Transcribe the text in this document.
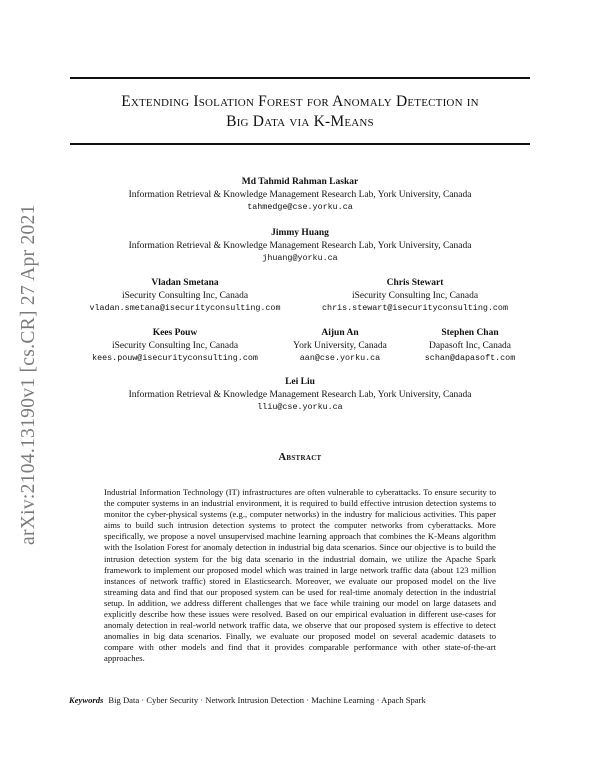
arXiv:2104.13190v1 [cs.CR] 27 Apr 2021
Extending Isolation Forest for Anomaly Detection in
Big Data via K-Means
Md Tahmid Rahman Laskar
Information Retrieval & Knowledge Management Research Lab, York University, Canada
tahmedge@cse.yorku.ca
Jimmy Huang
Information Retrieval & Knowledge Management Research Lab, York University, Canada
jhuang@yorku.ca
Vladan Smetana
iSecurity Consulting Inc, Canada
vladan.smetana@isecurityconsulting.com
Chris Stewart
iSecurity Consulting Inc, Canada
chris.stewart@isecurityconsulting.com
Kees Pouw
iSecurity Consulting Inc, Canada
kees.pouw@isecurityconsulting.com
Aijun An
York University, Canada
aan@cse.yorku.ca
Stephen Chan
Dapasoft Inc, Canada
schan@dapasoft.com
Lei Liu
Information Retrieval & Knowledge Management Research Lab, York University, Canada
lliu@cse.yorku.ca
Abstract
Industrial Information Technology (IT) infrastructures are often vulnerable to cyberattacks. To ensure security to the computer systems in an industrial environment, it is required to build effective intrusion detection systems to monitor the cyber-physical systems (e.g., computer networks) in the industry for malicious activities. This paper aims to build such intrusion detection systems to protect the computer networks from cyberattacks. More specifically, we propose a novel unsupervised machine learning approach that combines the K-Means algorithm with the Isolation Forest for anomaly detection in industrial big data scenarios. Since our objective is to build the intrusion detection system for the big data scenario in the industrial domain, we utilize the Apache Spark framework to implement our proposed model which was trained in large network traffic data (about 123 million instances of network traffic) stored in Elasticsearch. Moreover, we evaluate our proposed model on the live streaming data and find that our proposed system can be used for real-time anomaly detection in the industrial setup. In addition, we address different challenges that we face while training our model on large datasets and explicitly describe how these issues were resolved. Based on our empirical evaluation in different use-cases for anomaly detection in real-world network traffic data, we observe that our proposed system is effective to detect anomalies in big data scenarios. Finally, we evaluate our proposed model on several academic datasets to compare with other models and find that it provides comparable performance with other state-of-the-art approaches.
Keywords Big Data · Cyber Security · Network Intrusion Detection · Machine Learning · Apach Spark
